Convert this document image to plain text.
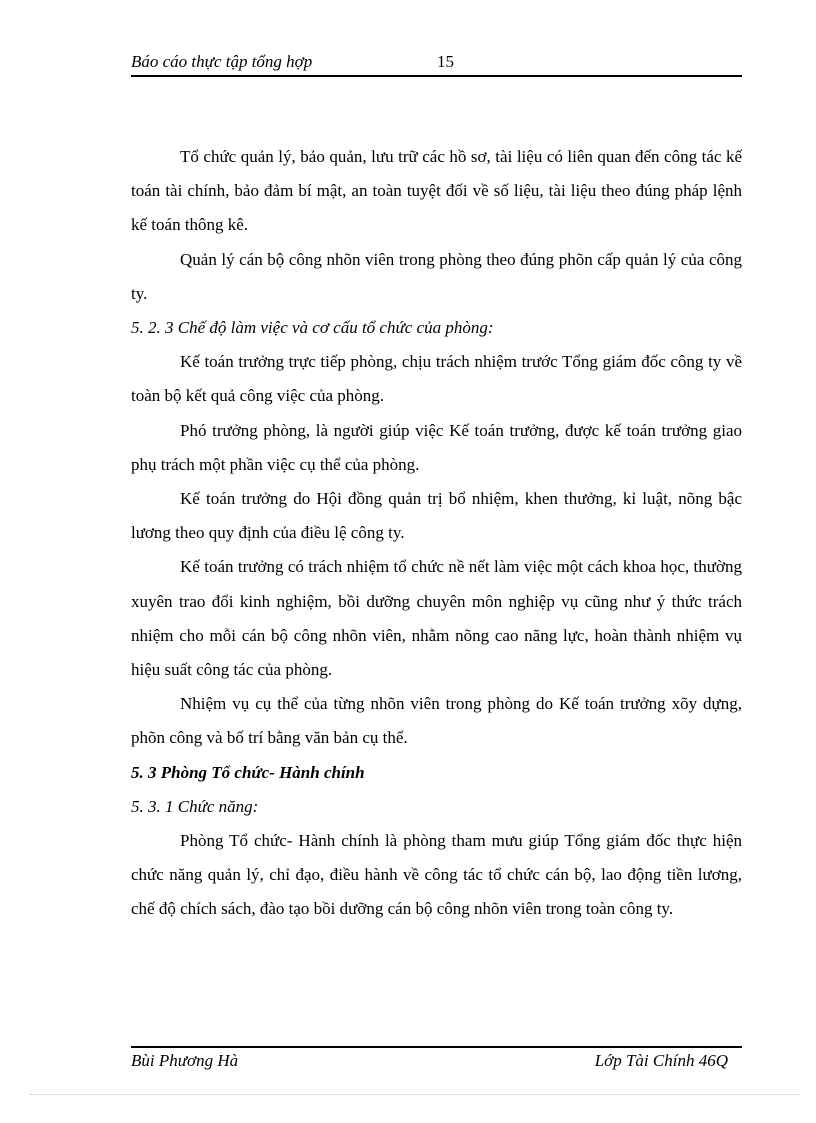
Báo cáo thực tập tổng hợp	15

Tổ chức quản lý, bảo quản, lưu trữ các hồ sơ, tài liệu có liên quan đến công tác kế toán tài chính, bảo đảm bí mật, an toàn tuyệt đối về số liệu, tài liệu theo đúng pháp lệnh kế toán thông kê.

Quản lý cán bộ công nhõn viên trong phòng theo đúng phõn cấp quản lý của công ty.

5. 2. 3 Chế độ làm việc và cơ cấu tổ chức của phòng:

Kế toán trưởng trực tiếp phòng, chịu trách nhiệm trước Tổng giám đốc công ty về toàn bộ kết quả công việc của phòng.

Phó trưởng phòng, là người giúp việc Kế toán trưởng, được kế toán trưởng giao phụ trách một phần việc cụ thể của phòng.

Kế toán trưởng do Hội đồng quản trị bổ nhiệm, khen thưởng, kỉ luật, nõng bậc lương theo quy định của điều lệ công ty.

Kế toán trưởng có trách nhiệm tổ chức nề nết làm việc một cách khoa học, thường xuyên trao đổi kinh nghiệm, bồi dưỡng chuyên môn nghiệp vụ cũng như ý thức trách nhiệm cho mỗi cán bộ công nhõn viên, nhằm nõng cao năng lực, hoàn thành nhiệm vụ hiệu suất công tác của phòng.

Nhiệm vụ cụ thể của từng nhõn viên trong phòng do Kế toán trưởng xõy dựng, phõn công và bố trí bằng văn bản cụ thể.

5. 3 Phòng Tổ chức- Hành chính

5. 3. 1 Chức năng:

Phòng Tổ chức- Hành chính là phòng tham mưu giúp Tổng giám đốc thực hiện chức năng quản lý, chỉ đạo, điều hành về công tác tổ chức cán bộ, lao động tiền lương, chế độ chích sách, đào tạo bồi dưỡng cán bộ công nhõn viên trong toàn công ty.

Bùi Phương Hà	Lớp Tài Chính 46Q
